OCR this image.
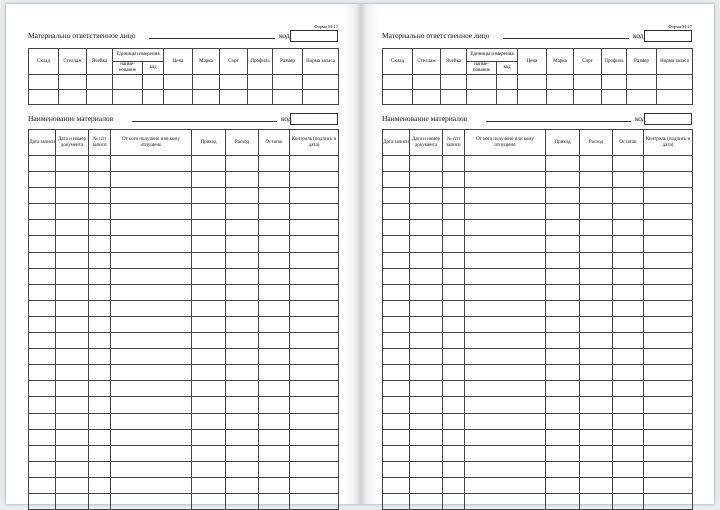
Форма М-17
Материально ответственное лицо	код
Склад	Стеллаж	Ячейка	Единицы измерения		Цена	Марка	Сорт	Профиль	Размер	Норма запаса
			наиме-нование	код						

Наименование материалов	код
Дата записи	Дата и номер документа	№ п/п записи	От кого получено или кому отпущено	Приход	Расход	Остаток	Контроль (подпись и дата)

Форма М-17
Материально ответственное лицо	код
Склад	Стеллаж	Ячейка	Единицы измерения		Цена	Марка	Сорт	Профиль	Размер	Норма запаса
			наиме-нование	код						

Наименование материалов	код
Дата записи	Дата и номер документа	№ п/п записи	От кого получено или кому отпущено	Приход	Расход	Остаток	Контроль (подпись и дата)
